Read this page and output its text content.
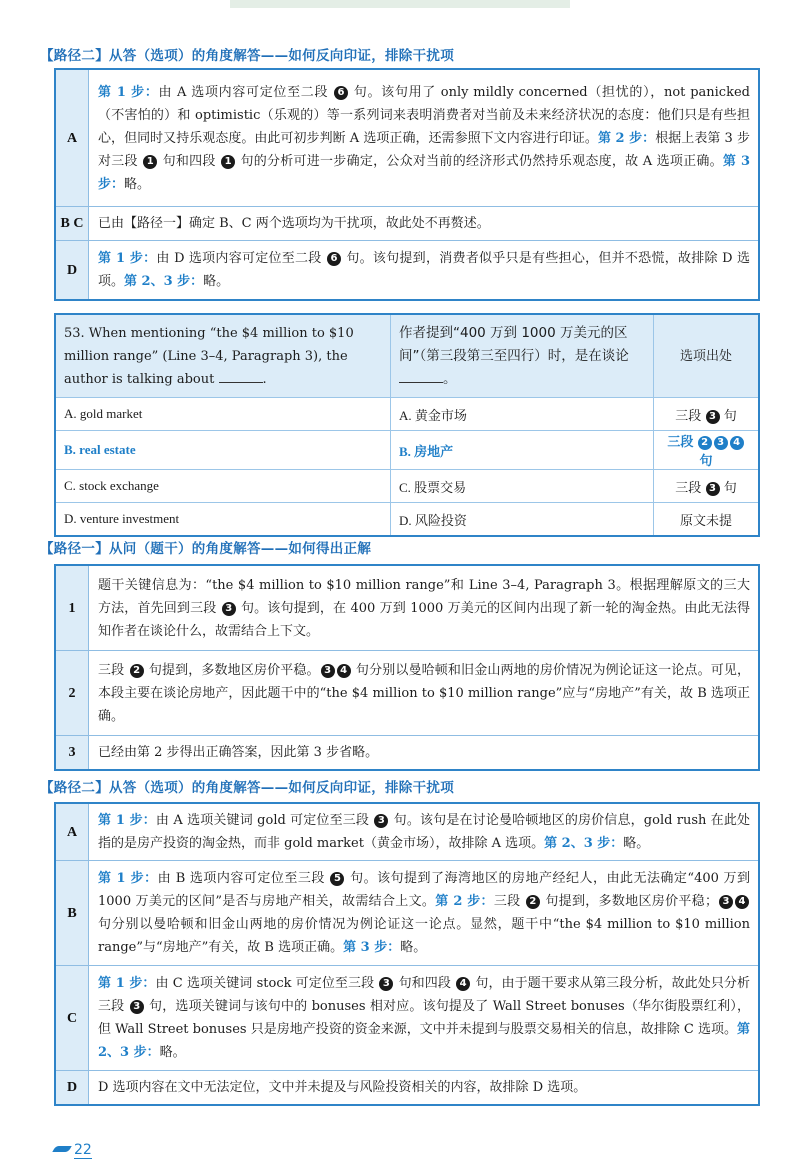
【路径二】从答（选项）的角度解答——如何反向印证，排除干扰项
A	第 1 步：由 A 选项内容可定位至二段 6 句。该句用了 only mildly concerned（担忧的），not panicked（不害怕的）和 optimistic（乐观的）等一系列词来表明消费者对当前及未来经济状况的态度：他们只是有些担心，但同时又持乐观态度。由此可初步判断 A 选项正确，还需参照下文内容进行印证。第 2 步：根据上表第 3 步对三段 1 句和四段 1 句的分析可进一步确定，公众对当前的经济形式仍然持乐观态度，故 A 选项正确。第 3 步：略。
B C	已由【路径一】确定 B、C 两个选项均为干扰项，故此处不再赘述。
D	第 1 步：由 D 选项内容可定位至二段 6 句。该句提到，消费者似乎只是有些担心，但并不恐慌，故排除 D 选项。第 2、3 步：略。
53. When mentioning “the $4 million to $10 million range” (Line 3–4, Paragraph 3), the author is talking about .	作者提到“400 万到 1000 万美元的区间”（第三段第三至四行）时，是在谈论。	选项出处
A. gold market	A. 黄金市场	三段 3 句
B. real estate	B. 房地产	三段 2 3 4 句
C. stock exchange	C. 股票交易	三段 3 句
D. venture investment	D. 风险投资	原文未提
【路径一】从问（题干）的角度解答——如何得出正解
1	题干关键信息为：“the $4 million to $10 million range”和 Line 3–4, Paragraph 3。根据理解原文的三大方法，首先回到三段 3 句。该句提到，在 400 万到 1000 万美元的区间内出现了新一轮的淘金热。由此无法得知作者在谈论什么，故需结合上下文。
2	三段 2 句提到，多数地区房价平稳。 3 4 句分别以曼哈顿和旧金山两地的房价情况为例论证这一论点。可见，本段主要在谈论房地产，因此题干中的“the $4 million to $10 million range”应与“房地产”有关，故 B 选项正确。
3	已经由第 2 步得出正确答案，因此第 3 步省略。
【路径二】从答（选项）的角度解答——如何反向印证，排除干扰项
A	第 1 步：由 A 选项关键词 gold 可定位至三段 3 句。该句是在讨论曼哈顿地区的房价信息，gold rush 在此处指的是房产投资的淘金热，而非 gold market（黄金市场），故排除 A 选项。第 2、3 步：略。
B	第 1 步：由 B 选项内容可定位至三段 5 句。该句提到了海湾地区的房地产经纪人，由此无法确定“400 万到 1000 万美元的区间”是否与房地产相关，故需结合上文。第 2 步：三段 2 句提到，多数地区房价平稳； 3 4 句分别以曼哈顿和旧金山两地的房价情况为例论证这一论点。显然，题干中“the $4 million to $10 million range”与“房地产”有关，故 B 选项正确。第 3 步：略。
C	第 1 步：由 C 选项关键词 stock 可定位至三段 3 句和四段 4 句，由于题干要求从第三段分析，故此处只分析三段 3 句，选项关键词与该句中的 bonuses 相对应。该句提及了 Wall Street bonuses（华尔街股票红利），但 Wall Street bonuses 只是房地产投资的资金来源，文中并未提到与股票交易相关的信息，故排除 C 选项。第 2、3 步：略。
D	D 选项内容在文中无法定位，文中并未提及与风险投资相关的内容，故排除 D 选项。
22
